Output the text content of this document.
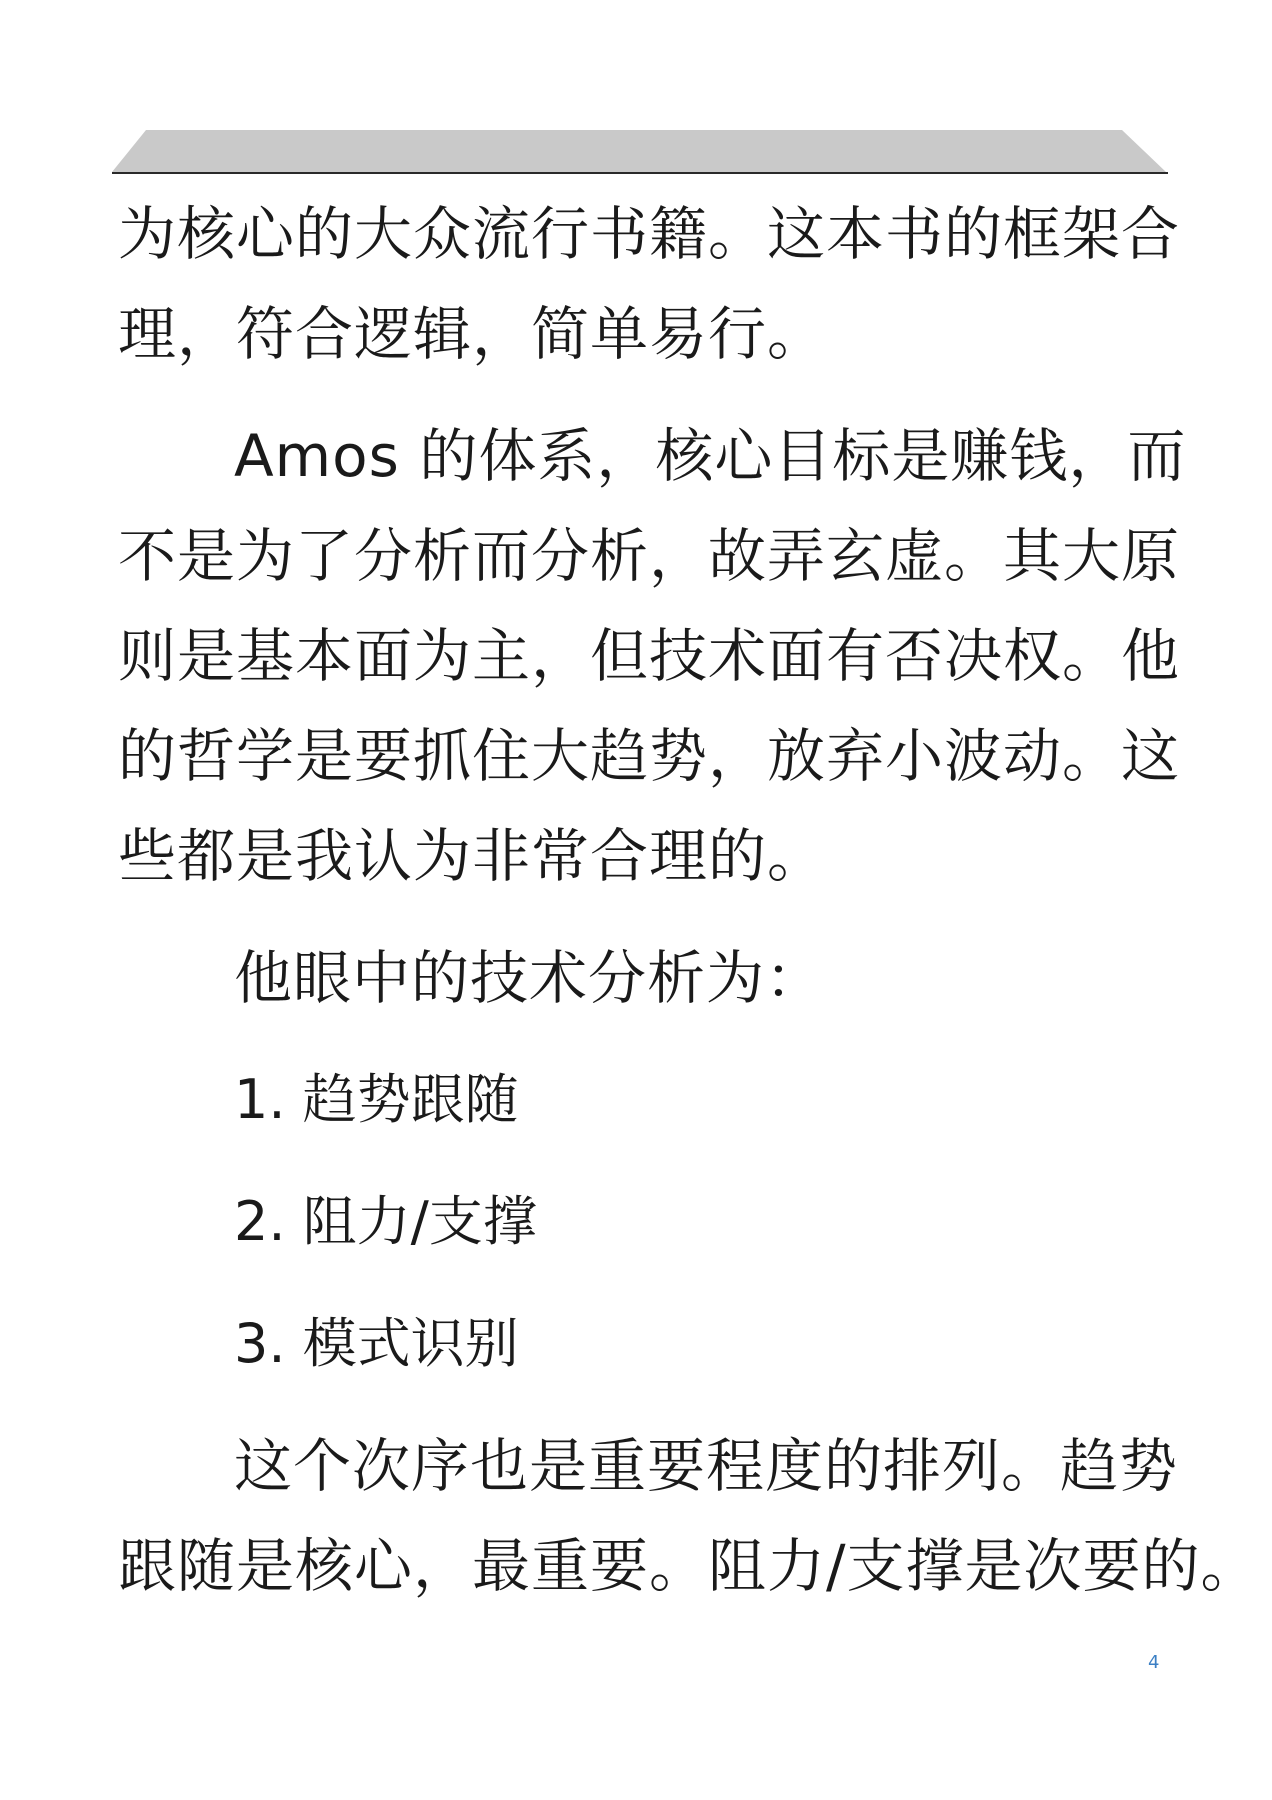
为核心的大众流行书籍。这本书的框架合
理，符合逻辑，简单易行。
Amos 的体系，核心目标是赚钱，而
不是为了分析而分析，故弄玄虚。其大原
则是基本面为主，但技术面有否决权。他
的哲学是要抓住大趋势，放弃小波动。这
些都是我认为非常合理的。
他眼中的技术分析为：
1. 趋势跟随
2. 阻力/支撑
3. 模式识别
这个次序也是重要程度的排列。趋势
跟随是核心，最重要。阻力/支撑是次要的。
4
